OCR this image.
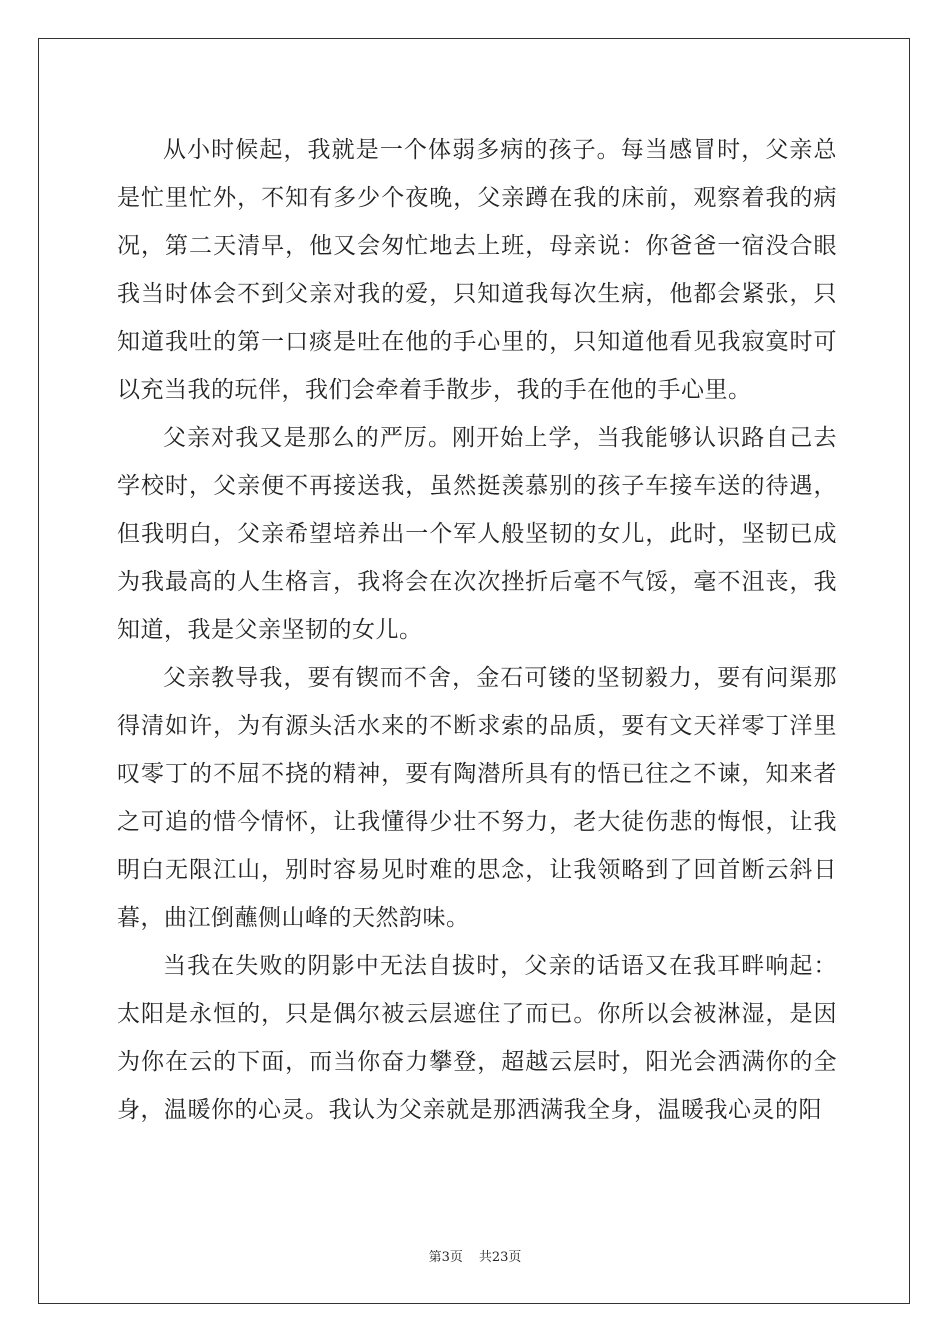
从小时候起，我就是一个体弱多病的孩子。每当感冒时，父亲总是忙里忙外，不知有多少个夜晚，父亲蹲在我的床前，观察着我的病况，第二天清早，他又会匆忙地去上班，母亲说：你爸爸一宿没合眼我当时体会不到父亲对我的爱，只知道我每次生病，他都会紧张，只知道我吐的第一口痰是吐在他的手心里的，只知道他看见我寂寞时可以充当我的玩伴，我们会牵着手散步，我的手在他的手心里。

父亲对我又是那么的严厉。刚开始上学，当我能够认识路自己去学校时，父亲便不再接送我，虽然挺羡慕别的孩子车接车送的待遇，但我明白，父亲希望培养出一个军人般坚韧的女儿，此时，坚韧已成为我最高的人生格言，我将会在次次挫折后毫不气馁，毫不沮丧，我知道，我是父亲坚韧的女儿。

父亲教导我，要有锲而不舍，金石可镂的坚韧毅力，要有问渠那得清如许，为有源头活水来的不断求索的品质，要有文天祥零丁洋里叹零丁的不屈不挠的精神，要有陶潜所具有的悟已往之不谏，知来者之可追的惜今情怀，让我懂得少壮不努力，老大徒伤悲的悔恨，让我明白无限江山，别时容易见时难的思念，让我领略到了回首断云斜日暮，曲江倒蘸侧山峰的天然韵味。

当我在失败的阴影中无法自拔时，父亲的话语又在我耳畔响起：太阳是永恒的，只是偶尔被云层遮住了而已。你所以会被淋湿，是因为你在云的下面，而当你奋力攀登，超越云层时，阳光会洒满你的全身，温暖你的心灵。我认为父亲就是那洒满我全身，温暖我心灵的阳

第3页 共23页
